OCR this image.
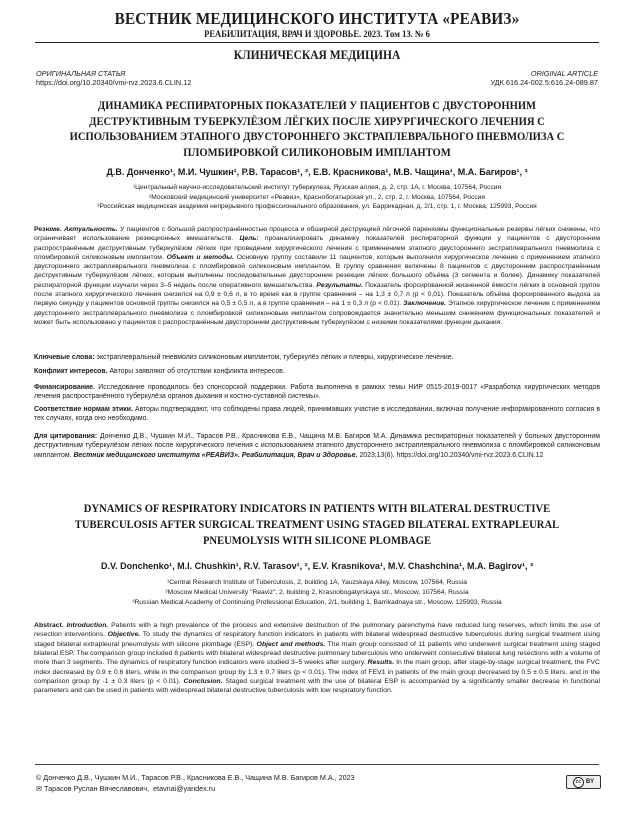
ВЕСТНИК МЕДИЦИНСКОГО ИНСТИТУТА «РЕАВИЗ»
РЕАБИЛИТАЦИЯ, ВРАЧ И ЗДОРОВЬЕ. 2023. Том 13. № 6
КЛИНИЧЕСКАЯ МЕДИЦИНА
ОРИГИНАЛЬНАЯ СТАТЬЯ
https://doi.org/10.20340/vmi-rvz.2023.6.CLIN.12
ORIGINAL ARTICLE
УДК 616.24-002.5:616.24-089.87
ДИНАМИКА РЕСПИРАТОРНЫХ ПОКАЗАТЕЛЕЙ У ПАЦИЕНТОВ С ДВУСТОРОННИМ ДЕСТРУКТИВНЫМ ТУБЕРКУЛЁЗОМ ЛЁГКИХ ПОСЛЕ ХИРУРГИЧЕСКОГО ЛЕЧЕНИЯ С ИСПОЛЬЗОВАНИЕМ ЭТАПНОГО ДВУСТОРОННЕГО ЭКСТРАПЛЕВРАЛЬНОГО ПНЕВМОЛИЗА С ПЛОМБИРОВКОЙ СИЛИКОНОВЫМ ИМПЛАНТОМ
Д.В. Донченко¹, М.И. Чушкин¹, Р.В. Тарасов¹, ², Е.В. Красникова¹, М.В. Чащина¹, М.А. Багиров¹, ³
¹Центральный научно-исследовательский институт туберкулеза, Яузская аллея, д. 2, стр. 1А, г. Москва, 107564, Россия
²Московский медицинский университет «Реавиз», Краснобогатырская ул., 2, стр. 2, г. Москва, 107564, Россия
³Российская медицинская академия непрерывного профессионального образования, ул. Баррикадная, д. 2/1, стр. 1, г. Москва, 125993, Россия
Резюме. Актуальность. У пациентов с большой распространённостью процесса и обширной деструкцией лёгочной паренхимы функциональные резервы лёгких снижены, что ограничивает использование резекционных вмешательств. Цель: проанализировать динамику показателей респираторной функции у пациентов с двусторонним распространённым деструктивным туберкулёзом лёгких при проведении хирургического лечения с применением этапного двустороннего экстраплеврального пневмолиза с пломбировкой силиконовым имплантом. Объект и методы. Основную группу составили 11 пациентов, которым выполнили хирургическое лечение с применением этапного двустороннего экстраплеврального пневмолиза с пломбировкой силиконовым имплантом. В группу сравнения включены 8 пациентов с двусторонним распространённым деструктивным туберкулёзом лёгких, которым выполнены последовательные двусторонние резекции лёгких большого объёма (3 сегмента и более). Динамику показателей респираторной функции изучали через 3–5 недель после оперативного вмешательства. Результаты. Показатель форсированной жизненной ёмкости лёгких в основной группе после этапного хирургического лечения снизился на 0,9 ± 0,6 л, в то время как в группе сравнения – на 1,3 ± 0,7 л (p < 0,01). Показатель объёма форсированного выдоха за первую секунду у пациентов основной группы снизился на 0,5 ± 0,5 л, а в группе сравнения – на 1 ± 0,3 л (p < 0,01). Заключение. Этапное хирургическое лечение с применением двустороннего экстраплеврального пневмолиза с пломбировкой силиконовым имплантом сопровождается значительно меньшим снижением функциональных показателей и может быть использовано у пациентов с распространённым двусторонним деструктивным туберкулёзом с низкими показателями функции дыхания.
Ключевые слова: экстраплевральный пневмолиз силиконовым имплантом, туберкулёз лёгких и плевры, хирургическое лечение.
Конфликт интересов. Авторы заявляют об отсутствии конфликта интересов.
Финансирование. Исследование проводилось без спонсорской поддержки. Работа выполнена в рамках темы НИР 0515-2019-0017 «Разработка хирургических методов лечения распространённого туберкулёза органов дыхания и костно-суставной системы».
Соответствие нормам этики. Авторы подтверждают, что соблюдены права людей, принимавших участие в исследовании, включая получение информированного согласия в тех случаях, когда оно необходимо.
Для цитирования: Донченко Д.В., Чушкин М.И., Тарасов Р.В., Красникова Е.В., Чащина М.В. Багиров М.А. Динамика респираторных показателей у больных двусторонним деструктивным туберкулёзом лёгких после хирургического лечения с использованием этапного двустороннего экстраплеврального пневмолиза с пломбировкой силиконовым имплантом. Вестник медицинского института «РЕАВИЗ». Реабилитация, Врач и Здоровье. 2023;13(6). https://doi.org/10.20340/vmi-rvz.2023.6.CLIN.12
DYNAMICS OF RESPIRATORY INDICATORS IN PATIENTS WITH BILATERAL DESTRUCTIVE TUBERCULOSIS AFTER SURGICAL TREATMENT USING STAGED BILATERAL EXTRAPLEURAL PNEUMOLYSIS WITH SILICONE PLOMBAGE
D.V. Donchenko¹, M.I. Chushkin¹, R.V. Tarasov¹, ², E.V. Krasnikova¹, M.V. Chashchina¹, M.A. Bagirov¹, ³
¹Central Research Institute of Tuberculosis, 2, building 1A, Yauzskaya Alley, Moscow, 107564, Russia
²Moscow Medical University "Reaviz", 2, building 2, Krasnobogatyrskaya str., Moscow, 107564, Russia
³Russian Medical Academy of Continuing Professional Education, 2/1, building 1, Barrikadnaya str., Moscow, 125993, Russia
Abstract. Introduction. Patients with a high prevalence of the process and extensive destruction of the pulmonary parenchyma have reduced lung reserves, which limits the use of resection interventions. Objective. To study the dynamics of respiratory function indicators in patients with bilateral widespread destructive tuberculosis during surgical treatment using staged bilateral extrapleural pneumolysis with silicone plombage (ESP). Object and methods. The main group consisted of 11 patients who underwent surgical treatment using staged bilateral ESP. The comparison group included 8 patients with bilateral widespread destructive pulmonary tuberculosis who underwent consecutive bilateral lung resections with a volume of more than 3 segments. The dynamics of respiratory function indicators were studied 3–5 weeks after surgery. Results. In the main group, after stage-by-stage surgical treatment, the FVC index decreased by 0.9 ± 0.6 liters, while in the comparison group by 1.3 ± 0.7 liters (p < 0.01). The index of FEV1 in patients of the main group decreased by 0.5 ± 0.5 liters, and in the comparison group by -1 ± 0.3 liters (p < 0.01). Conclusion. Staged surgical treatment with the use of bilateral ESP is accompanied by a significantly smaller decrease in functional parameters and can be used in patients with widespread bilateral destructive tuberculosis with low respiratory function.
© Донченко Д.В., Чушкин М.И., Тарасов Р.В., Красникова Е.В., Чащина М.В. Багиров М.А., 2023
✉ Тарасов Руслан Вячеславович, etavnai@yandex.ru
cc BY
